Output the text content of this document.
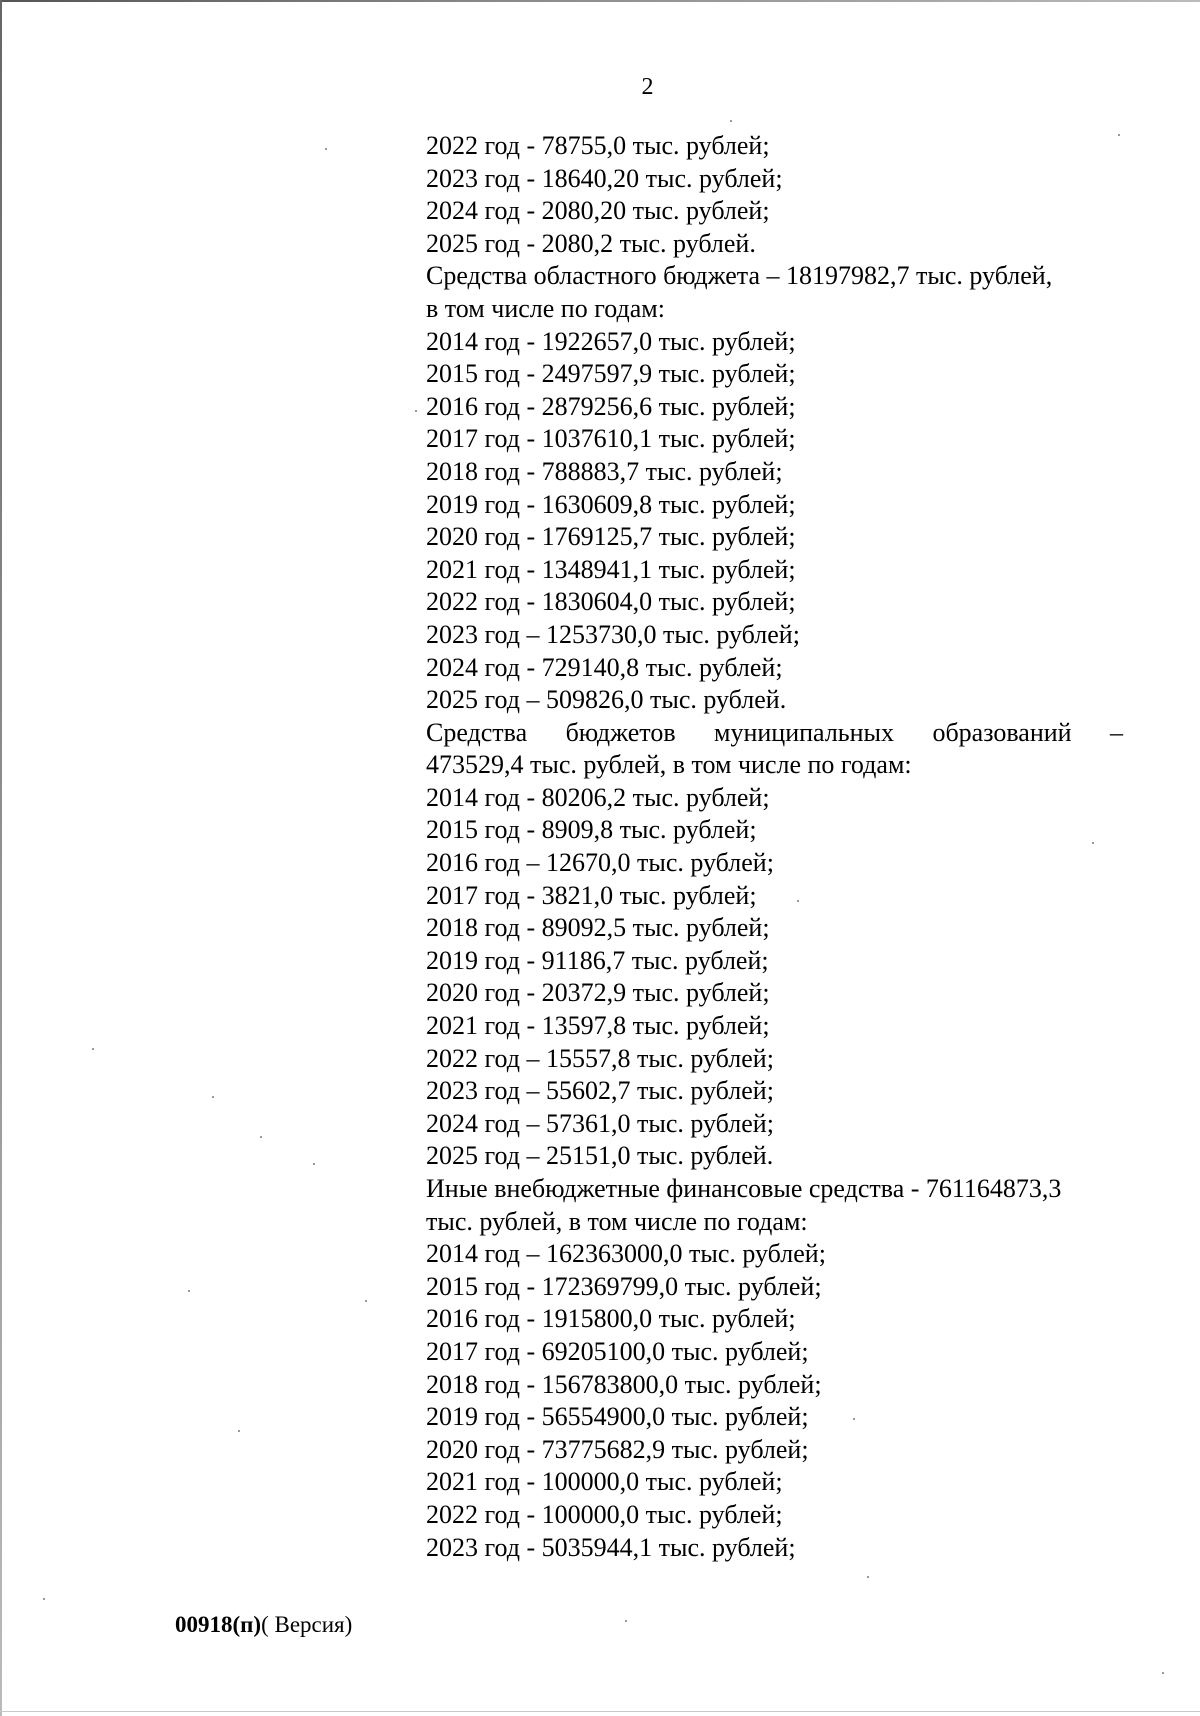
2
2022 год - 78755,0 тыс. рублей;
2023 год - 18640,20 тыс. рублей;
2024 год - 2080,20 тыс. рублей;
2025 год - 2080,2 тыс. рублей.
Средства областного бюджета – 18197982,7 тыс. рублей,
в том числе по годам:
2014 год - 1922657,0 тыс. рублей;
2015 год - 2497597,9 тыс. рублей;
2016 год - 2879256,6 тыс. рублей;
2017 год - 1037610,1 тыс. рублей;
2018 год - 788883,7 тыс. рублей;
2019 год - 1630609,8 тыс. рублей;
2020 год - 1769125,7 тыс. рублей;
2021 год - 1348941,1 тыс. рублей;
2022 год - 1830604,0 тыс. рублей;
2023 год – 1253730,0 тыс. рублей;
2024 год - 729140,8 тыс. рублей;
2025 год – 509826,0 тыс. рублей.
Средства бюджетов муниципальных образований –
473529,4 тыс. рублей, в том числе по годам:
2014 год - 80206,2 тыс. рублей;
2015 год - 8909,8 тыс. рублей;
2016 год – 12670,0 тыс. рублей;
2017 год - 3821,0 тыс. рублей;
2018 год - 89092,5 тыс. рублей;
2019 год - 91186,7 тыс. рублей;
2020 год - 20372,9 тыс. рублей;
2021 год - 13597,8 тыс. рублей;
2022 год – 15557,8 тыс. рублей;
2023 год – 55602,7 тыс. рублей;
2024 год – 57361,0 тыс. рублей;
2025 год – 25151,0 тыс. рублей.
Иные внебюджетные финансовые средства - 761164873,3
тыс. рублей, в том числе по годам:
2014 год – 162363000,0 тыс. рублей;
2015 год - 172369799,0 тыс. рублей;
2016 год - 1915800,0 тыс. рублей;
2017 год - 69205100,0 тыс. рублей;
2018 год - 156783800,0 тыс. рублей;
2019 год - 56554900,0 тыс. рублей;
2020 год - 73775682,9 тыс. рублей;
2021 год - 100000,0 тыс. рублей;
2022 год - 100000,0 тыс. рублей;
2023 год - 5035944,1 тыс. рублей;
00918(п)( Версия)
